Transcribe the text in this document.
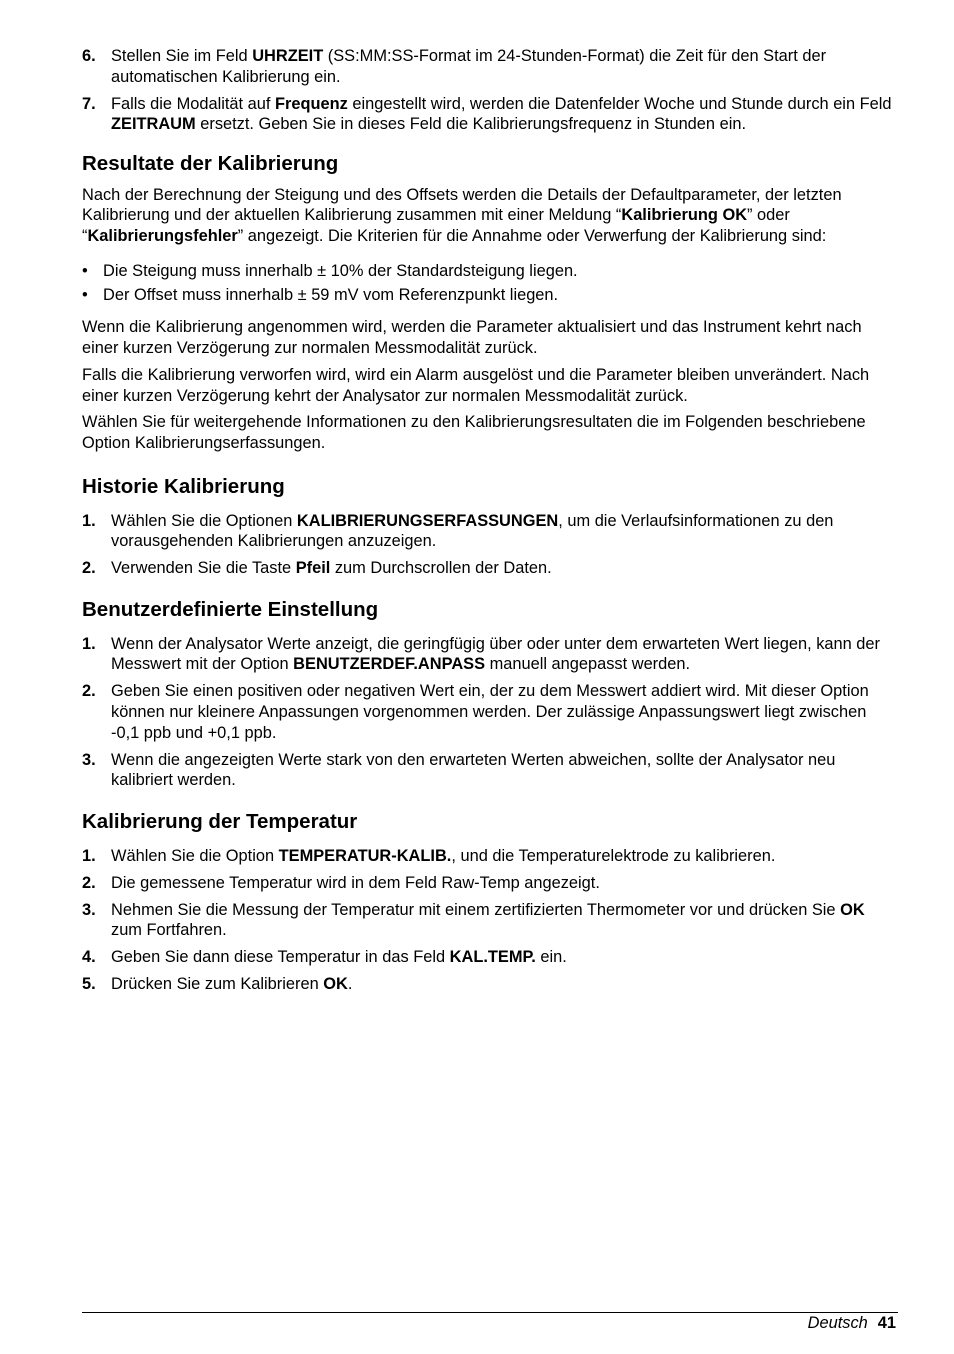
6. Stellen Sie im Feld UHRZEIT (SS:MM:SS-Format im 24-Stunden-Format) die Zeit für den Start der automatischen Kalibrierung ein.
7. Falls die Modalität auf Frequenz eingestellt wird, werden die Datenfelder Woche und Stunde durch ein Feld ZEITRAUM ersetzt. Geben Sie in dieses Feld die Kalibrierungsfrequenz in Stunden ein.
Resultate der Kalibrierung

Nach der Berechnung der Steigung und des Offsets werden die Details der Defaultparameter, der letzten Kalibrierung und der aktuellen Kalibrierung zusammen mit einer Meldung “Kalibrierung OK” oder “Kalibrierungsfehler” angezeigt. Die Kriterien für die Annahme oder Verwerfung der Kalibrierung sind:

• Die Steigung muss innerhalb ± 10% der Standardsteigung liegen.
• Der Offset muss innerhalb ± 59 mV vom Referenzpunkt liegen.

Wenn die Kalibrierung angenommen wird, werden die Parameter aktualisiert und das Instrument kehrt nach einer kurzen Verzögerung zur normalen Messmodalität zurück.

Falls die Kalibrierung verworfen wird, wird ein Alarm ausgelöst und die Parameter bleiben unverändert. Nach einer kurzen Verzögerung kehrt der Analysator zur normalen Messmodalität zurück.

Wählen Sie für weitergehende Informationen zu den Kalibrierungsresultaten die im Folgenden beschriebene Option Kalibrierungserfassungen.

Historie Kalibrierung
1. Wählen Sie die Optionen KALIBRIERUNGSERFASSUNGEN, um die Verlaufsinformationen zu den vorausgehenden Kalibrierungen anzuzeigen.
2. Verwenden Sie die Taste Pfeil zum Durchscrollen der Daten.
Benutzerdefinierte Einstellung
1. Wenn der Analysator Werte anzeigt, die geringfügig über oder unter dem erwarteten Wert liegen, kann der Messwert mit der Option BENUTZERDEF.ANPASS manuell angepasst werden.
2. Geben Sie einen positiven oder negativen Wert ein, der zu dem Messwert addiert wird. Mit dieser Option können nur kleinere Anpassungen vorgenommen werden. Der zulässige Anpassungswert liegt zwischen -0,1 ppb und +0,1 ppb.
3. Wenn die angezeigten Werte stark von den erwarteten Werten abweichen, sollte der Analysator neu kalibriert werden.
Kalibrierung der Temperatur
1. Wählen Sie die Option TEMPERATUR-KALIB., und die Temperaturelektrode zu kalibrieren.
2. Die gemessene Temperatur wird in dem Feld Raw-Temp angezeigt.
3. Nehmen Sie die Messung der Temperatur mit einem zertifizierten Thermometer vor und drücken Sie OK zum Fortfahren.
4. Geben Sie dann diese Temperatur in das Feld KAL.TEMP. ein.
5. Drücken Sie zum Kalibrieren OK.
Deutsch 41
